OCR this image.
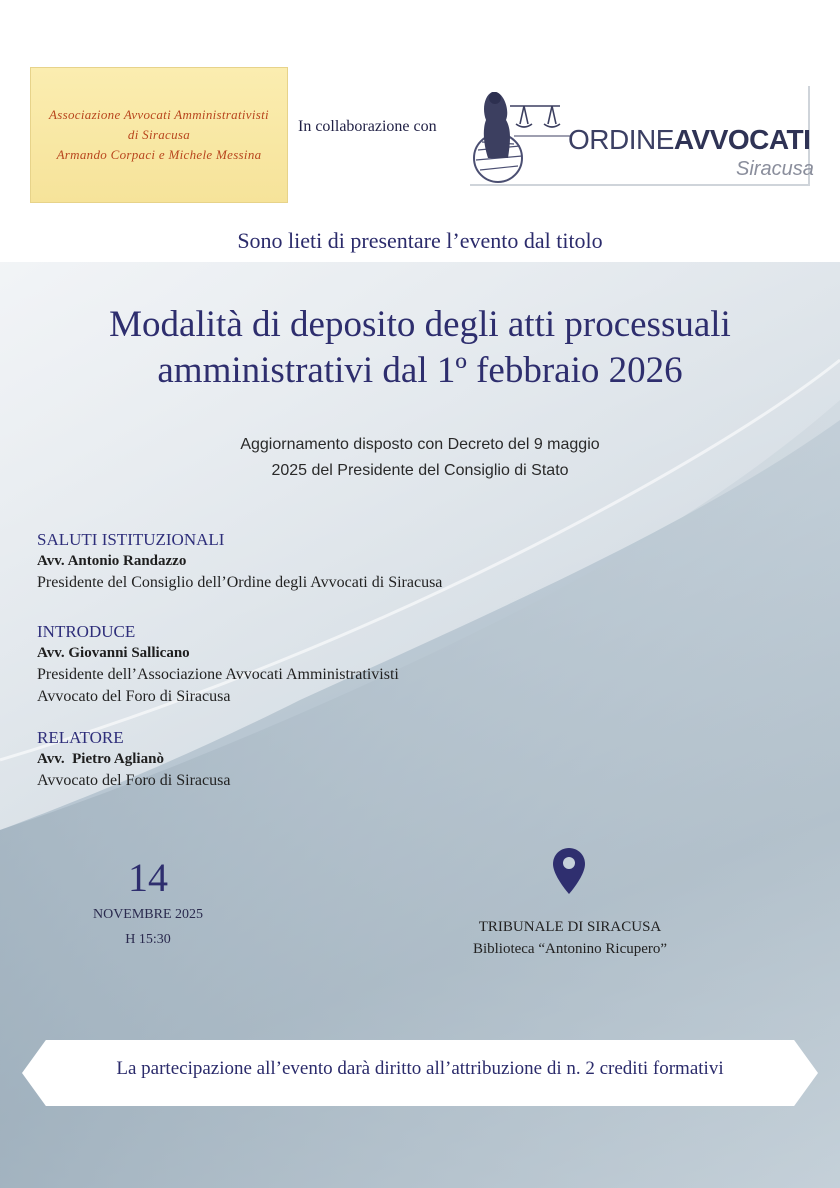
Associazione Avvocati Amministrativisti
di Siracusa
Armando Corpaci e Michele Messina
In collaborazione con	ORDINEAVVOCATI
Siracusa
Sono lieti di presentare l’evento dal titolo
Modalità di deposito degli atti processuali
amministrativi dal 1º febbraio 2026
Aggiornamento disposto con Decreto del 9 maggio
2025 del Presidente del Consiglio di Stato
SALUTI ISTITUZIONALI
Avv. Antonio Randazzo
Presidente del Consiglio dell’Ordine degli Avvocati di Siracusa
INTRODUCE
Avv. Giovanni Sallicano
Presidente dell’Associazione Avvocati Amministrativisti
Avvocato del Foro di Siracusa
RELATORE
Avv.  Pietro Aglianò
Avvocato del Foro di Siracusa
14
NOVEMBRE 2025
H 15:30
TRIBUNALE DI SIRACUSA
Biblioteca “Antonino Ricupero”
La partecipazione all’evento darà diritto all’attribuzione di n. 2 crediti formativi
